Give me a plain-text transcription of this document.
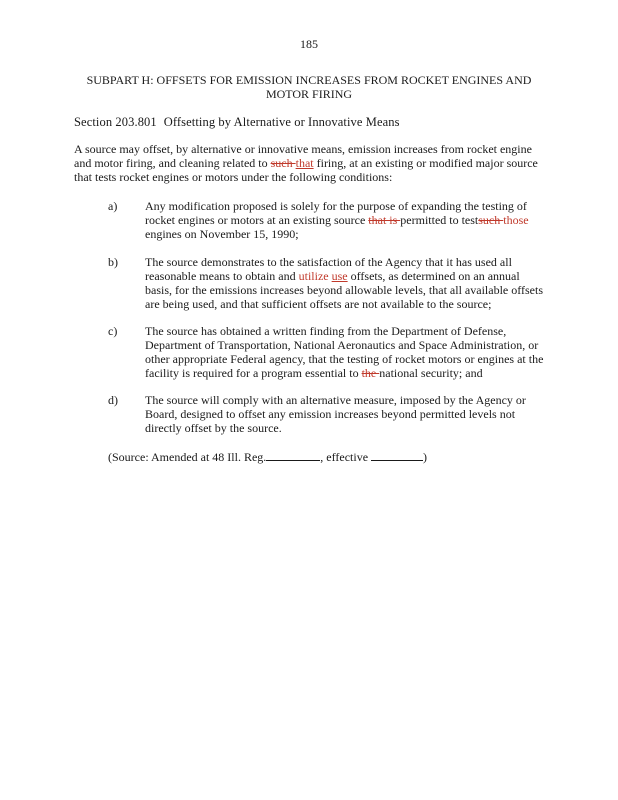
185
SUBPART H: OFFSETS FOR EMISSION INCREASES FROM ROCKET ENGINES AND
MOTOR FIRING
Section 203.801 Offsetting by Alternative or Innovative Means

A source may offset, by alternative or innovative means, emission increases from rocket engine and motor firing, and cleaning related to such that firing, at an existing or modified major source that tests rocket engines or motors under the following conditions:

a) Any modification proposed is solely for the purpose of expanding the testing of rocket engines or motors at an existing source that is permitted to testsuch those engines on November 15, 1990;
b) The source demonstrates to the satisfaction of the Agency that it has used all reasonable means to obtain and utilize use offsets, as determined on an annual basis, for the emissions increases beyond allowable levels, that all available offsets are being used, and that sufficient offsets are not available to the source;
c) The source has obtained a written finding from the Department of Defense, Department of Transportation, National Aeronautics and Space Administration, or other appropriate Federal agency, that the testing of rocket motors or engines at the facility is required for a program essential to the national security; and
d) The source will comply with an alternative measure, imposed by the Agency or Board, designed to offset any emission increases beyond permitted levels not directly offset by the source.
(Source: Amended at 48 Ill. Reg.	, effective	)
